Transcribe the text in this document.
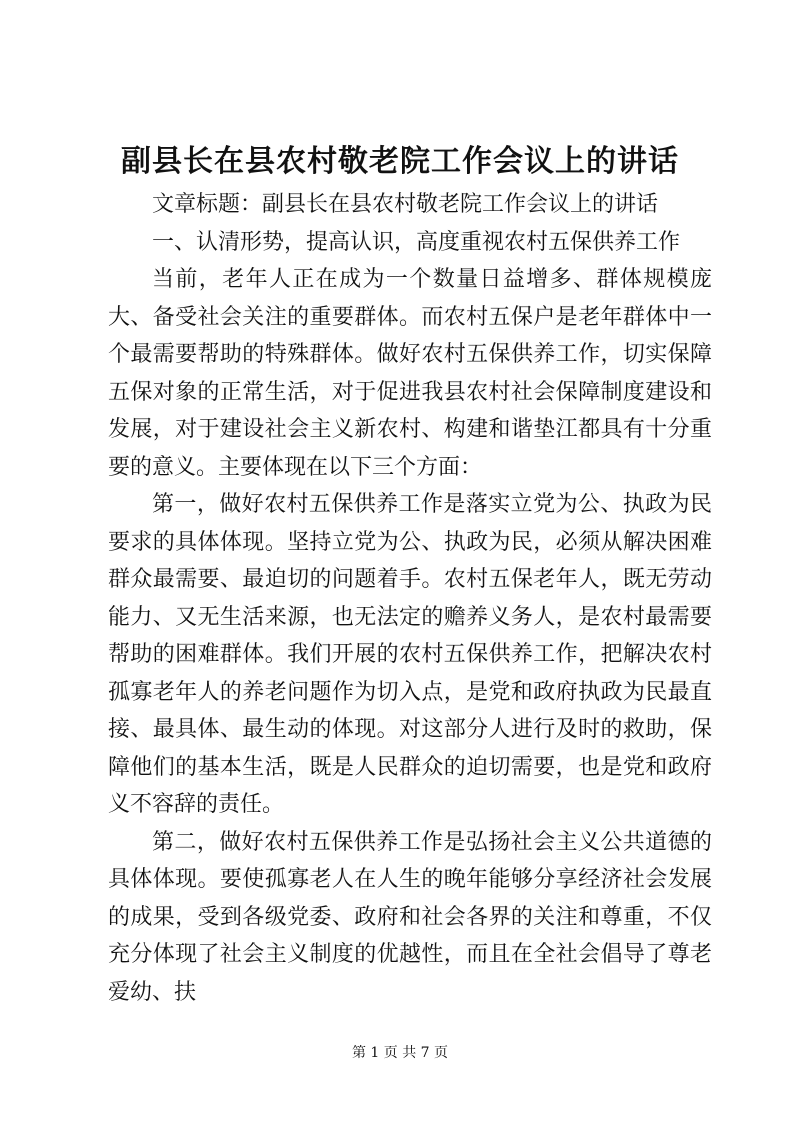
副县长在县农村敬老院工作会议上的讲话

文章标题：副县长在县农村敬老院工作会议上的讲话

一、认清形势，提高认识，高度重视农村五保供养工作

当前，老年人正在成为一个数量日益增多、群体规模庞大、备受社会关注的重要群体。而农村五保户是老年群体中一个最需要帮助的特殊群体。做好农村五保供养工作，切实保障五保对象的正常生活，对于促进我县农村社会保障制度建设和发展，对于建设社会主义新农村、构建和谐垫江都具有十分重要的意义。主要体现在以下三个方面：

第一，做好农村五保供养工作是落实立党为公、执政为民要求的具体体现。坚持立党为公、执政为民，必须从解决困难群众最需要、最迫切的问题着手。农村五保老年人，既无劳动能力、又无生活来源，也无法定的赡养义务人，是农村最需要帮助的困难群体。我们开展的农村五保供养工作，把解决农村孤寡老年人的养老问题作为切入点，是党和政府执政为民最直接、最具体、最生动的体现。对这部分人进行及时的救助，保障他们的基本生活，既是人民群众的迫切需要，也是党和政府义不容辞的责任。

第二，做好农村五保供养工作是弘扬社会主义公共道德的具体体现。要使孤寡老人在人生的晚年能够分享经济社会发展的成果，受到各级党委、政府和社会各界的关注和尊重，不仅充分体现了社会主义制度的优越性，而且在全社会倡导了尊老爱幼、扶

第 1 页 共 7 页
